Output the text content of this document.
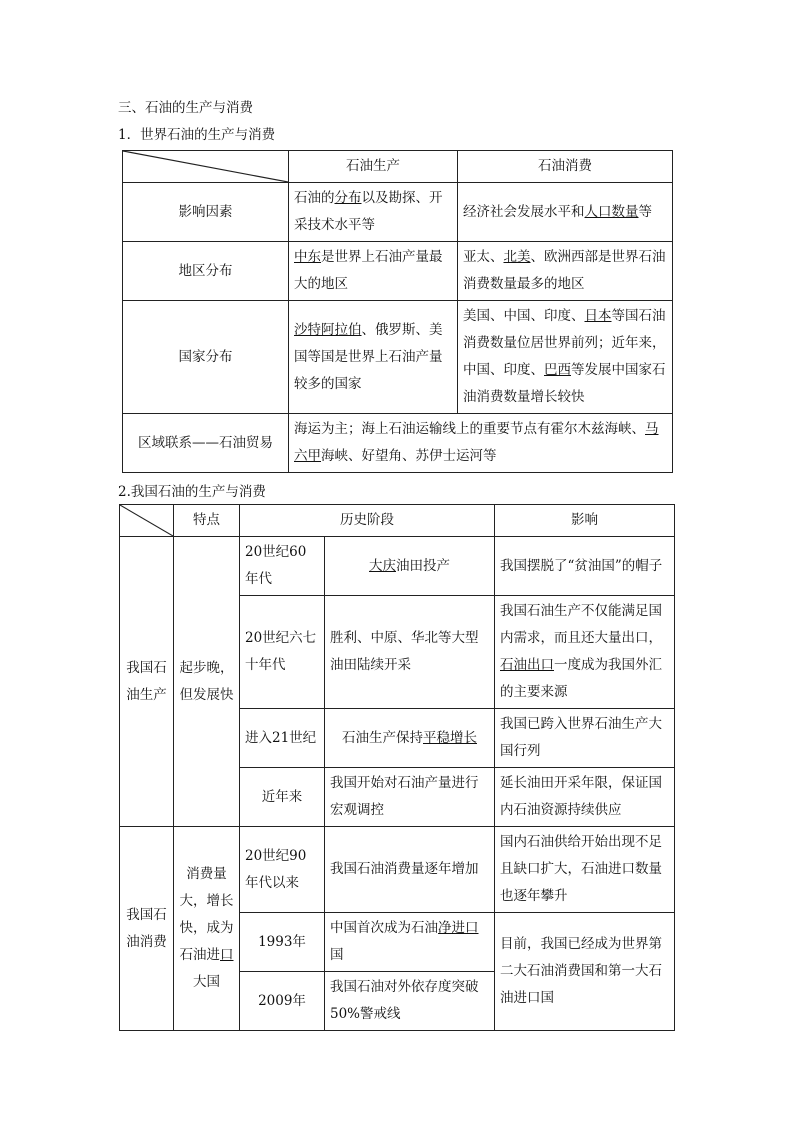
三、石油的生产与消费
1．世界石油的生产与消费
	石油生产	石油消费
影响因素	石油的分布以及勘探、开采技术水平等	经济社会发展水平和人口数量等
地区分布	中东是世界上石油产量最大的地区	亚太、北美、欧洲西部是世界石油消费数量最多的地区
国家分布	沙特阿拉伯、俄罗斯、美国等国是世界上石油产量较多的国家	美国、中国、印度、日本等国石油消费数量位居世界前列；近年来，中国、印度、巴西等发展中国家石油消费数量增长较快
区域联系——石油贸易	海运为主；海上石油运输线上的重要节点有霍尔木兹海峡、马六甲海峡、好望角、苏伊士运河等	
2.我国石油的生产与消费
	特点	历史阶段		影响
我国石油生产	起步晚，但发展快	20世纪60年代	大庆油田投产	我国摆脱了“贫油国”的帽子
		20世纪六七十年代	胜利、中原、华北等大型油田陆续开采	我国石油生产不仅能满足国内需求，而且还大量出口，石油出口一度成为我国外汇的主要来源
		进入21世纪	石油生产保持平稳增长	我国已跨入世界石油生产大国行列
		近年来	我国开始对石油产量进行宏观调控	延长油田开采年限，保证国内石油资源持续供应
我国石油消费	消费量大，增长快，成为石油进口大国	20世纪90年代以来	我国石油消费量逐年增加	国内石油供给开始出现不足且缺口扩大，石油进口数量也逐年攀升
		1993年	中国首次成为石油净进口国	目前，我国已经成为世界第二大石油消费国和第一大石油进口国
		2009年	我国石油对外依存度突破50%警戒线	
